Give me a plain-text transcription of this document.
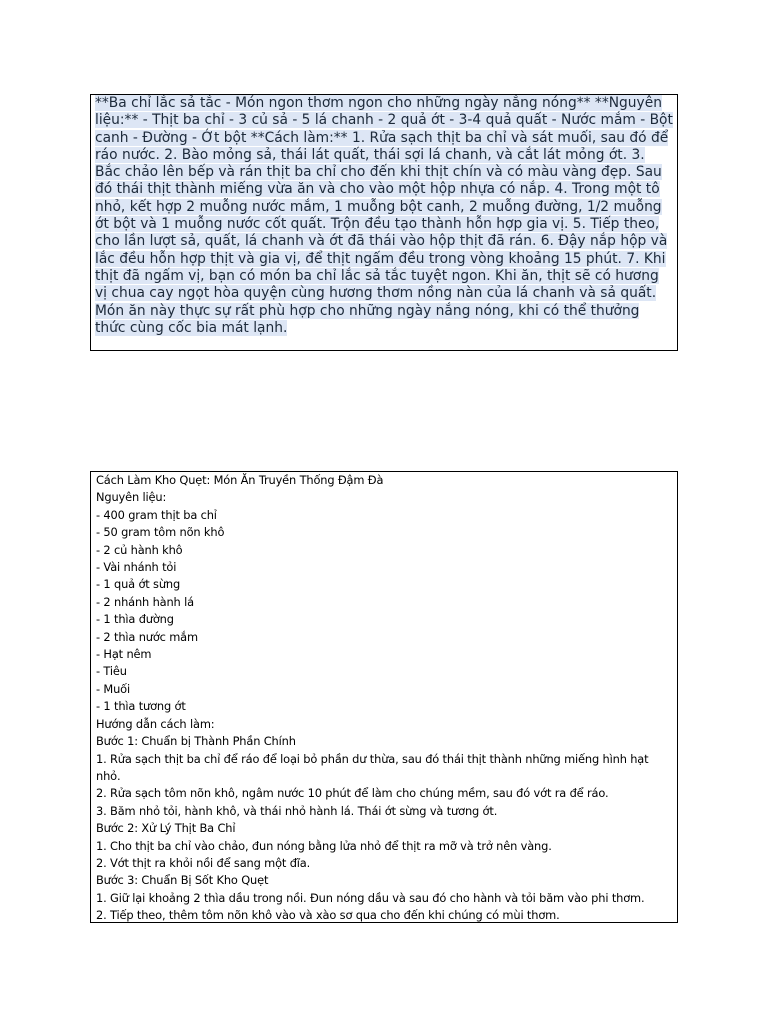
**Ba chỉ lắc sả tắc - Món ngon thơm ngon cho những ngày nắng nóng** **Nguyên liệu:** - Thịt ba chỉ - 3 củ sả - 5 lá chanh - 2 quả ớt - 3-4 quả quất - Nước mắm - Bột canh - Đường - Ớt bột **Cách làm:** 1. Rửa sạch thịt ba chỉ và sát muối, sau đó để ráo nước. 2. Bào mỏng sả, thái lát quất, thái sợi lá chanh, và cắt lát mỏng ớt. 3. Bắc chảo lên bếp và rán thịt ba chỉ cho đến khi thịt chín và có màu vàng đẹp. Sau đó thái thịt thành miếng vừa ăn và cho vào một hộp nhựa có nắp. 4. Trong một tô nhỏ, kết hợp 2 muỗng nước mắm, 1 muỗng bột canh, 2 muỗng đường, 1/2 muỗng ớt bột và 1 muỗng nước cốt quất. Trộn đều tạo thành hỗn hợp gia vị. 5. Tiếp theo, cho lần lượt sả, quất, lá chanh và ớt đã thái vào hộp thịt đã rán. 6. Đậy nắp hộp và lắc đều hỗn hợp thịt và gia vị, để thịt ngấm đều trong vòng khoảng 15 phút. 7. Khi thịt đã ngấm vị, bạn có món ba chỉ lắc sả tắc tuyệt ngon. Khi ăn, thịt sẽ có hương vị chua cay ngọt hòa quyện cùng hương thơm nồng nàn của lá chanh và sả quất. Món ăn này thực sự rất phù hợp cho những ngày nắng nóng, khi có thể thưởng thức cùng cốc bia mát lạnh.
Cách Làm Kho Quẹt: Món Ăn Truyền Thống Đậm Đà
Nguyên liệu:
- 400 gram thịt ba chỉ
- 50 gram tôm nõn khô
- 2 củ hành khô
- Vài nhánh tỏi
- 1 quả ớt sừng
- 2 nhánh hành lá
- 1 thìa đường
- 2 thìa nước mắm
- Hạt nêm
- Tiêu
- Muối
- 1 thìa tương ớt
Hướng dẫn cách làm:
Bước 1: Chuẩn bị Thành Phần Chính
1. Rửa sạch thịt ba chỉ để ráo để loại bỏ phần dư thừa, sau đó thái thịt thành những miếng hình hạt nhỏ.
2. Rửa sạch tôm nõn khô, ngâm nước 10 phút để làm cho chúng mềm, sau đó vớt ra để ráo.
3. Băm nhỏ tỏi, hành khô, và thái nhỏ hành lá. Thái ớt sừng và tương ớt.
Bước 2: Xử Lý Thịt Ba Chỉ
1. Cho thịt ba chỉ vào chảo, đun nóng bằng lửa nhỏ để thịt ra mỡ và trở nên vàng.
2. Vớt thịt ra khỏi nồi để sang một đĩa.
Bước 3: Chuẩn Bị Sốt Kho Quẹt
1. Giữ lại khoảng 2 thìa dầu trong nồi. Đun nóng dầu và sau đó cho hành và tỏi băm vào phi thơm.
2. Tiếp theo, thêm tôm nõn khô vào và xào sơ qua cho đến khi chúng có mùi thơm.
